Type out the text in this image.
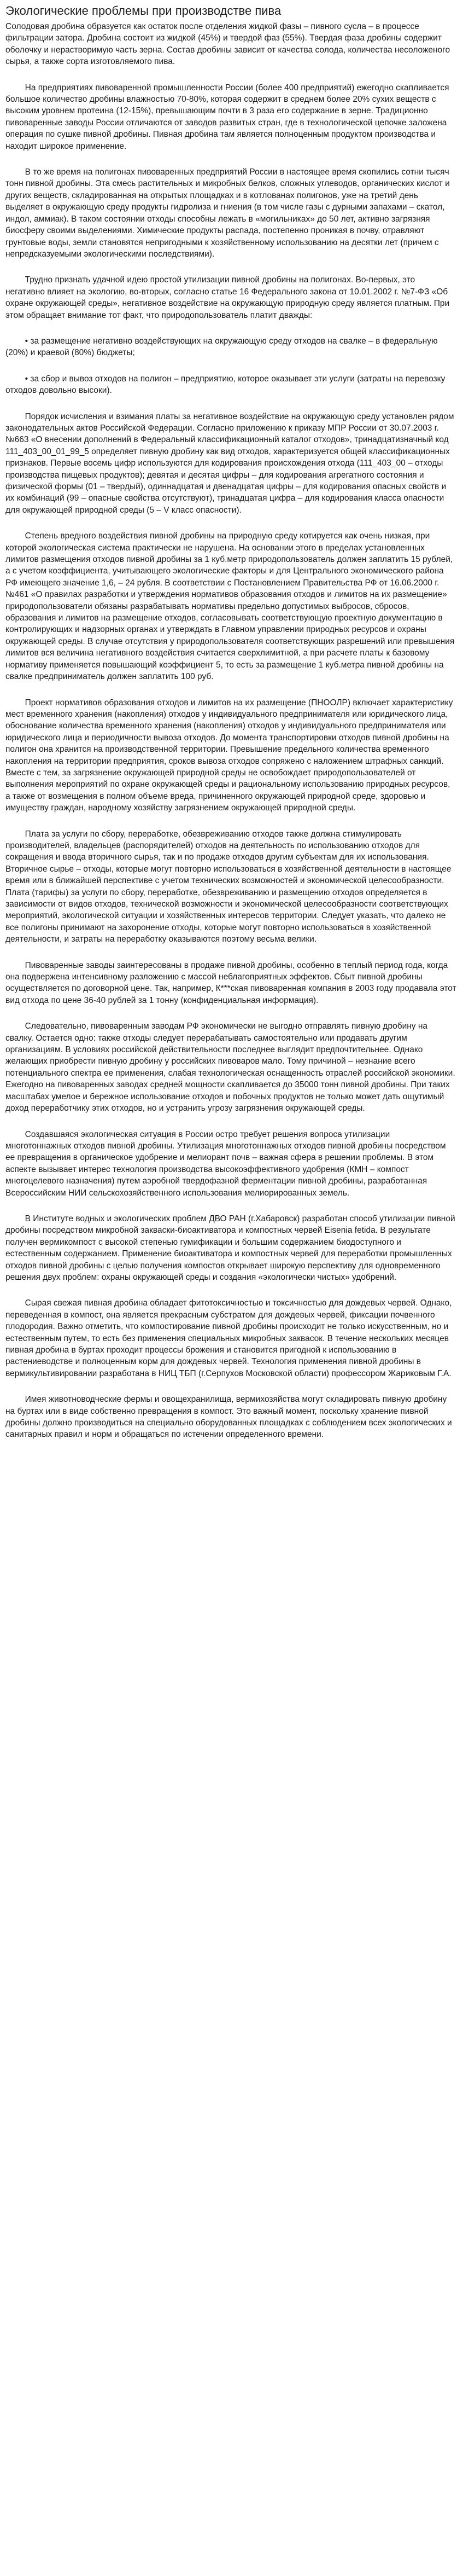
Экологические проблемы при производстве пива

Солодовая дробина образуется как остаток после отделения жидкой фазы – пивного сусла – в процессе фильтрации затора. Дробина состоит из жидкой (45%) и твердой фаз (55%). Твердая фаза дробины содержит оболочку и нерастворимую часть зерна. Состав дробины зависит от качества солода, количества несоложеного сырья, а также сорта изготовляемого пива.

На предприятиях пивоваренной промышленности России (более 400 предприятий) ежегодно скапливается большое количество дробины влажностью 70-80%, которая содержит в среднем более 20% сухих веществ с высоким уровнем протеина (12-15%), превышающим почти в 3 раза его содержание в зерне. Традиционно пивоваренные заводы России отличаются от заводов развитых стран, где в технологической цепочке заложена операция по сушке пивной дробины. Пивная дробина там является полноценным продуктом производства и находит широкое применение.

В то же время на полигонах пивоваренных предприятий России в настоящее время скопились сотни тысяч тонн пивной дробины. Эта смесь растительных и микробных белков, сложных углеводов, органических кислот и других веществ, складированная на открытых площадках и в котлованах полигонов, уже на третий день выделяет в окружающую среду продукты гидролиза и гниения (в том числе газы с дурными запахами – скатол, индол, аммиак). В таком состоянии отходы способны лежать в «могильниках» до 50 лет, активно загрязняя биосферу своими выделениями. Химические продукты распада, постепенно проникая в почву, отравляют грунтовые воды, земли становятся непригодными к хозяйственному использованию на десятки лет (причем с непредсказуемыми экологическими последствиями).

Трудно признать удачной идею простой утилизации пивной дробины на полигонах. Во-первых, это негативно влияет на экологию, во-вторых, согласно статье 16 Федерального закона от 10.01.2002 г. №7-ФЗ «Об охране окружающей среды», негативное воздействие на окружающую природную среду является платным. При этом обращает внимание тот факт, что природопользователь платит дважды:

• за размещение негативно воздействующих на окружающую среду отходов на свалке – в федеральную (20%) и краевой (80%) бюджеты;

• за сбор и вывоз отходов на полигон – предприятию, которое оказывает эти услуги (затраты на перевозку отходов довольно высоки).

Порядок исчисления и взимания платы за негативное воздействие на окружающую среду установлен рядом законодательных актов Российской Федерации. Согласно приложению к приказу МПР России от 30.07.2003 г. №663 «О внесении дополнений в Федеральный классификационный каталог отходов», тринадцатизначный код 111_403_00_01_99_5 определяет пивную дробину как вид отходов, характеризуется общей классификационных признаков. Первые восемь цифр используются для кодирования происхождения отхода (111_403_00 – отходы производства пищевых продуктов); девятая и десятая цифры – для кодирования агрегатного состояния и физической формы (01 – твердый), одиннадцатая и двенадцатая цифры – для кодирования опасных свойств и их комбинаций (99 – опасные свойства отсутствуют), тринадцатая цифра – для кодирования класса опасности для окружающей природной среды (5 – V класс опасности).

Степень вредного воздействия пивной дробины на природную среду котируется как очень низкая, при которой экологическая система практически не нарушена. На основании этого в пределах установленных лимитов размещения отходов пивной дробины за 1 куб.метр природопользователь должен заплатить 15 рублей, а с учетом коэффициента, учитывающего экологические факторы и для Центрального экономического района РФ имеющего значение 1,6, – 24 рубля. В соответствии с Постановлением Правительства РФ от 16.06.2000 г. №461 «О правилах разработки и утверждения нормативов образования отходов и лимитов на их размещение» природопользователи обязаны разрабатывать нормативы предельно допустимых выбросов, сбросов, образования и лимитов на размещение отходов, согласовывать соответствующую проектную документацию в контролирующих и надзорных органах и утверждать в Главном управлении природных ресурсов и охраны окружающей среды. В случае отсутствия у природопользователя соответствующих разрешений или превышения лимитов вся величина негативного воздействия считается сверхлимитной, а при расчете платы к базовому нормативу применяется повышающий коэффициент 5, то есть за размещение 1 куб.метра пивной дробины на свалке предприниматель должен заплатить 100 руб.

Проект нормативов образования отходов и лимитов на их размещение (ПНООЛР) включает характеристику мест временного хранения (накопления) отходов у индивидуального предпринимателя или юридического лица, обоснование количества временного хранения (накопления) отходов у индивидуального предпринимателя или юридического лица и периодичности вывоза отходов. До момента транспортировки отходов пивной дробины на полигон она хранится на производственной территории. Превышение предельного количества временного накопления на территории предприятия, сроков вывоза отходов сопряжено с наложением штрафных санкций. Вместе с тем, за загрязнение окружающей природной среды не освобождает природопользователей от выполнения мероприятий по охране окружающей среды и рациональному использованию природных ресурсов, а также от возмещения в полном объеме вреда, причиненного окружающей природной среде, здоровью и имуществу граждан, народному хозяйству загрязнением окружающей природной среды.

Плата за услуги по сбору, переработке, обезвреживанию отходов также должна стимулировать производителей, владельцев (распорядителей) отходов на деятельность по использованию отходов для сокращения и ввода вторичного сырья, так и по продаже отходов другим субъектам для их использования. Вторичное сырье – отходы, которые могут повторно использоваться в хозяйственной деятельности в настоящее время или в ближайшей перспективе с учетом технических возможностей и экономической целесообразности. Плата (тарифы) за услуги по сбору, переработке, обезвреживанию и размещению отходов определяется в зависимости от видов отходов, технической возможности и экономической целесообразности соответствующих мероприятий, экологической ситуации и хозяйственных интересов территории. Следует указать, что далеко не все полигоны принимают на захоронение отходы, которые могут повторно использоваться в хозяйственной деятельности, и затраты на переработку оказываются поэтому весьма велики.

Пивоваренные заводы заинтересованы в продаже пивной дробины, особенно в теплый период года, когда она подвержена интенсивному разложению с массой неблагоприятных эффектов. Сбыт пивной дробины осуществляется по договорной цене. Так, например, К***ская пивоваренная компания в 2003 году продавала этот вид отхода по цене 36-40 рублей за 1 тонну (конфиденциальная информация).

Следовательно, пивоваренным заводам РФ экономически не выгодно отправлять пивную дробину на свалку. Остается одно: также отходы следует перерабатывать самостоятельно или продавать другим организациям. В условиях российской действительности последнее выглядит предпочтительнее. Однако желающих приобрести пивную дробину у российских пивоваров мало. Тому причиной – незнание всего потенциального спектра ее применения, слабая технологическая оснащенность отраслей российской экономики. Ежегодно на пивоваренных заводах средней мощности скапливается до 35000 тонн пивной дробины. При таких масштабах умелое и бережное использование отходов и побочных продуктов не только может дать ощутимый доход переработчику этих отходов, но и устранить угрозу загрязнения окружающей среды.

Создавшаяся экологическая ситуация в России остро требует решения вопроса утилизации многотоннажных отходов пивной дробины. Утилизация многотоннажных отходов пивной дробины посредством ее превращения в органическое удобрение и мелиорант почв – важная сфера в решении проблемы. В этом аспекте вызывает интерес технология производства высокоэффективного удобрения (КМН – компост многоцелевого назначения) путем аэробной твердофазной ферментации пивной дробины, разработанная Всероссийским НИИ сельскохозяйственного использования мелиорированных земель.

В Институте водных и экологических проблем ДВО РАН (г.Хабаровск) разработан способ утилизации пивной дробины посредством микробной закваски-биоактиватора и компостных червей Eisenia fetida. В результате получен вермикомпост с высокой степенью гумификации и большим содержанием биодоступного и естественным содержанием. Применение биоактиватора и компостных червей для переработки промышленных отходов пивной дробины с целью получения компостов открывает широкую перспективу для одновременного решения двух проблем: охраны окружающей среды и создания «экологически чистых» удобрений.

Сырая свежая пивная дробина обладает фитотоксичностью и токсичностью для дождевых червей. Однако, переведенная в компост, она является прекрасным субстратом для дождевых червей, фиксации почвенного плодородия. Важно отметить, что компостирование пивной дробины происходит не только искусственным, но и естественным путем, то есть без применения специальных микробных заквасок. В течение нескольких месяцев пивная дробина в буртах проходит процессы брожения и становится пригодной к использованию в растениеводстве и полноценным корм для дождевых червей. Технология применения пивной дробины в вермикультивировании разработана в НИЦ ТБП (г.Серпухов Московской области) профессором Жариковым Г.А.

Имея животноводческие фермы и овощехранилища, вермихозяйства могут складировать пивную дробину на буртах или в виде собственно превращения в компост. Это важный момент, поскольку хранение пивной дробины должно производиться на специально оборудованных площадках с соблюдением всех экологических и санитарных правил и норм и обращаться по истечении определенного времени.
